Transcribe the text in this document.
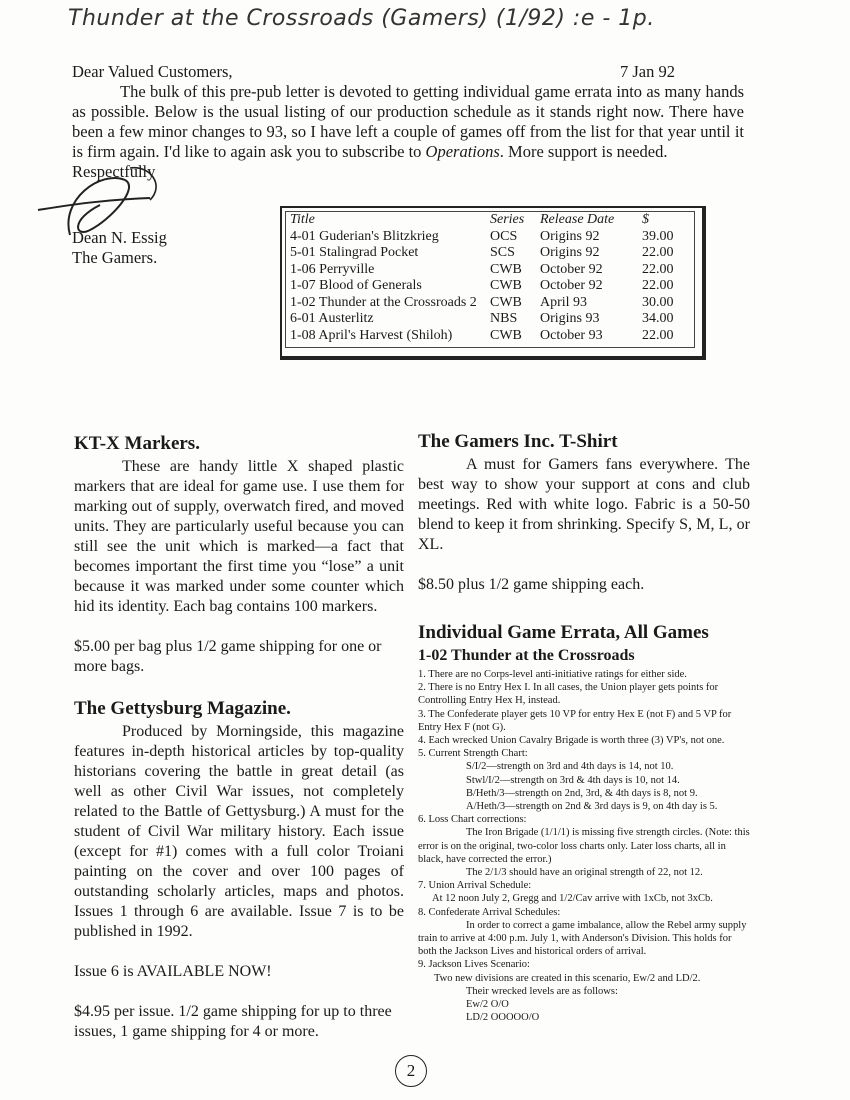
Thunder at the Crossroads (Gamers) (1/92) :e - 1p.
Dear Valued Customers,	7 Jan 92

The bulk of this pre-pub letter is devoted to getting individual game errata into as many hands as possible. Below is the usual listing of our production schedule as it stands right now. There have been a few minor changes to 93, so I have left a couple of games off from the list for that year until it is firm again. I'd like to again ask you to subscribe to Operations. More support is needed.

Respectfully
Dean N. Essig
The Gamers.
Title	Series	Release Date	$
4-01 Guderian's Blitzkrieg	OCS	Origins 92	39.00
5-01 Stalingrad Pocket	SCS	Origins 92	22.00
1-06 Perryville	CWB	October 92	22.00
1-07 Blood of Generals	CWB	October 92	22.00
1-02 Thunder at the Crossroads 2	CWB	April 93	30.00
6-01 Austerlitz	NBS	Origins 93	34.00
1-08 April's Harvest (Shiloh)	CWB	October 93	22.00
KT-X Markers.

These are handy little X shaped plastic markers that are ideal for game use. I use them for marking out of supply, overwatch fired, and moved units. They are particularly useful because you can still see the unit which is marked—a fact that becomes important the first time you “lose” a unit because it was marked under some counter which hid its identity. Each bag contains 100 markers.

$5.00 per bag plus 1/2 game shipping for one or more bags.

The Gettysburg Magazine.

Produced by Morningside, this magazine features in-depth historical articles by top-quality historians covering the battle in great detail (as well as other Civil War issues, not completely related to the Battle of Gettysburg.) A must for the student of Civil War military history. Each issue (except for #1) comes with a full color Troiani painting on the cover and over 100 pages of outstanding scholarly articles, maps and photos. Issues 1 through 6 are available. Issue 7 is to be published in 1992.

Issue 6 is AVAILABLE NOW!

$4.95 per issue. 1/2 game shipping for up to three issues, 1 game shipping for 4 or more.

The Gamers Inc. T-Shirt

A must for Gamers fans everywhere. The best way to show your support at cons and club meetings. Red with white logo. Fabric is a 50-50 blend to keep it from shrinking. Specify S, M, L, or XL.

$8.50 plus 1/2 game shipping each.

Individual Game Errata, All Games
1-02 Thunder at the Crossroads
1. There are no Corps-level anti-initiative ratings for either side.
2. There is no Entry Hex I. In all cases, the Union player gets points for Controlling Entry Hex H, instead.
3. The Confederate player gets 10 VP for entry Hex E (not F) and 5 VP for Entry Hex F (not G).
4. Each wrecked Union Cavalry Brigade is worth three (3) VP's, not one.
5. Current Strength Chart:
S/I/2—strength on 3rd and 4th days is 14, not 10.
Stwl/I/2—strength on 3rd & 4th days is 10, not 14.
B/Heth/3—strength on 2nd, 3rd, & 4th days is 8, not 9.
A/Heth/3—strength on 2nd & 3rd days is 9, on 4th day is 5.
6. Loss Chart corrections:
The Iron Brigade (1/1/1) is missing five strength circles. (Note: this error is on the original, two-color loss charts only. Later loss charts, all in black, have corrected the error.)
The 2/1/3 should have an original strength of 22, not 12.
7. Union Arrival Schedule:
At 12 noon July 2, Gregg and 1/2/Cav arrive with 1xCb, not 3xCb.
8. Confederate Arrival Schedules:
In order to correct a game imbalance, allow the Rebel army supply train to arrive at 4:00 p.m. July 1, with Anderson's Division. This holds for both the Jackson Lives and historical orders of arrival.
9. Jackson Lives Scenario:
Two new divisions are created in this scenario, Ew/2 and LD/2.
Their wrecked levels are as follows:
Ew/2 O/O
LD/2 OOOOO/O
2
